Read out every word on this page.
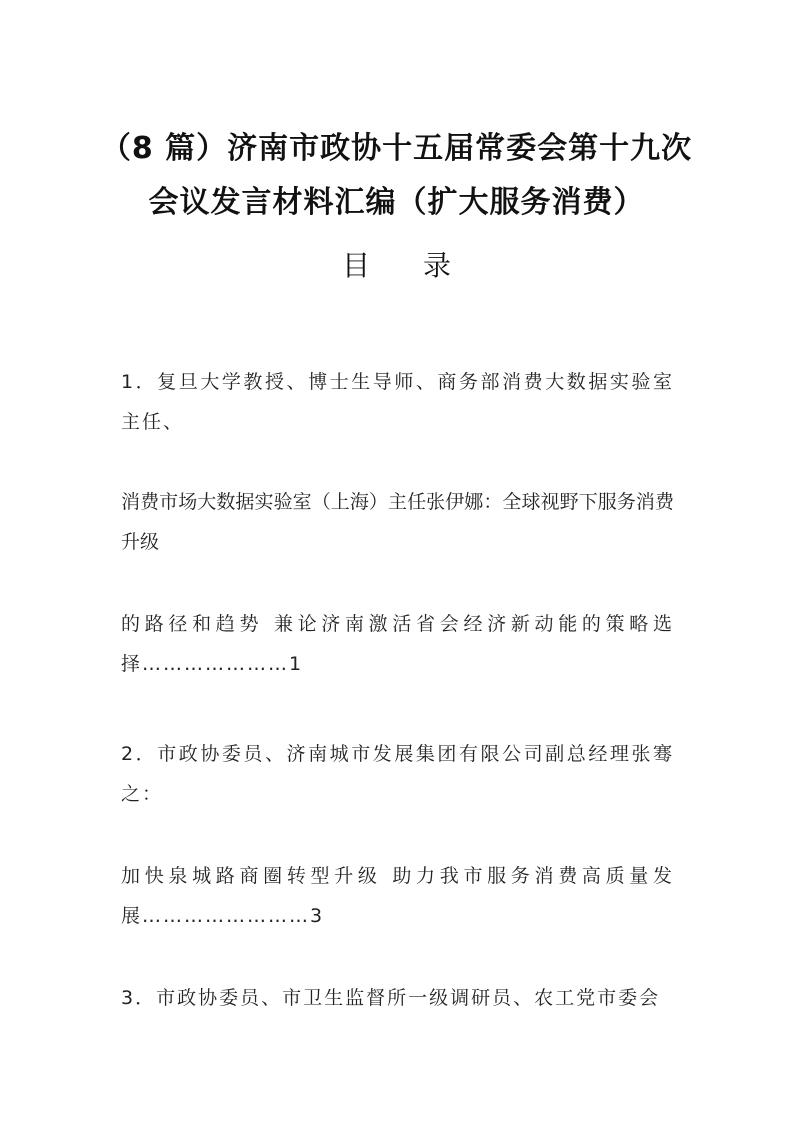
（8 篇）济南市政协十五届常委会第十九次
会议发言材料汇编（扩大服务消费）
目 录
1．复旦大学教授、博士生导师、商务部消费大数据实验室主任、
消费市场大数据实验室（上海）主任张伊娜：全球视野下服务消费升级
的路径和趋势 兼论济南激活省会经济新动能的策略选择…………………1
2．市政协委员、济南城市发展集团有限公司副总经理张骞之：
加快泉城路商圈转型升级 助力我市服务消费高质量发展……………………3
3．市政协委员、市卫生监督所一级调研员、农工党市委会
